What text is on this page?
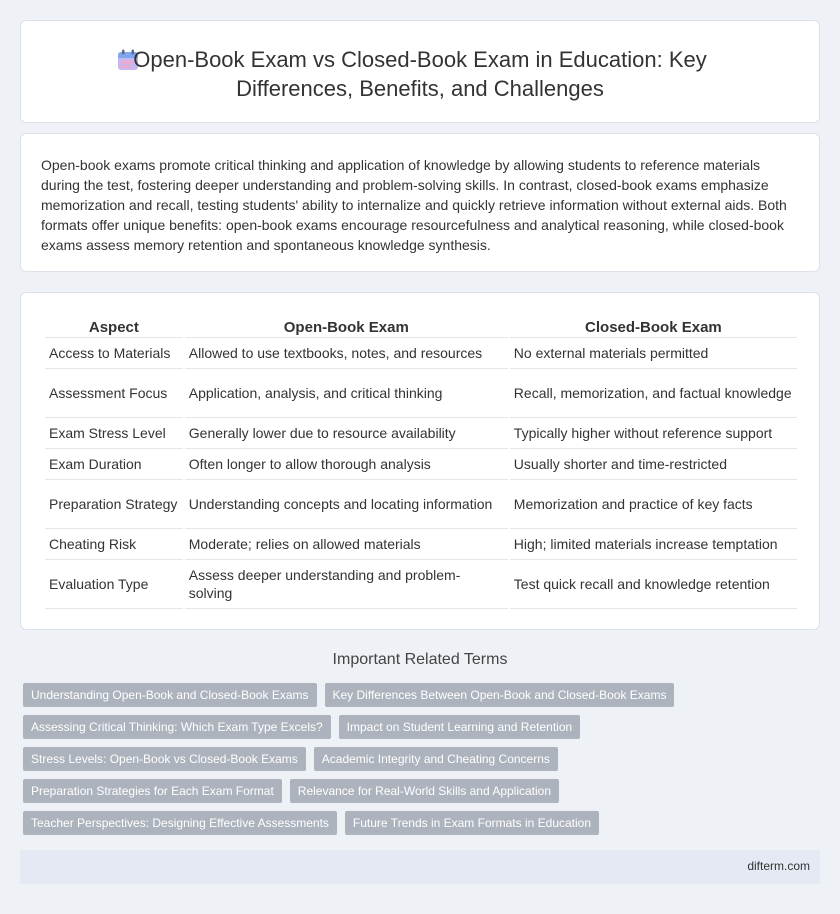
Open-Book Exam vs Closed-Book Exam in Education: Key Differences, Benefits, and Challenges

Open-book exams promote critical thinking and application of knowledge by allowing students to reference materials during the test, fostering deeper understanding and problem-solving skills. In contrast, closed-book exams emphasize memorization and recall, testing students' ability to internalize and quickly retrieve information without external aids. Both formats offer unique benefits: open-book exams encourage resourcefulness and analytical reasoning, while closed-book exams assess memory retention and spontaneous knowledge synthesis.

Aspect	Open-Book Exam	Closed-Book Exam
Access to Materials	Allowed to use textbooks, notes, and resources	No external materials permitted
Assessment Focus	Application, analysis, and critical thinking	Recall, memorization, and factual knowledge
Exam Stress Level	Generally lower due to resource availability	Typically higher without reference support
Exam Duration	Often longer to allow thorough analysis	Usually shorter and time-restricted
Preparation Strategy	Understanding concepts and locating information	Memorization and practice of key facts
Cheating Risk	Moderate; relies on allowed materials	High; limited materials increase temptation
Evaluation Type	Assess deeper understanding and problem-solving	Test quick recall and knowledge retention
Important Related Terms
Understanding Open-Book and Closed-Book Exams	Key Differences Between Open-Book and Closed-Book Exams
Assessing Critical Thinking: Which Exam Type Excels?	Impact on Student Learning and Retention
Stress Levels: Open-Book vs Closed-Book Exams	Academic Integrity and Cheating Concerns
Preparation Strategies for Each Exam Format	Relevance for Real-World Skills and Application
Teacher Perspectives: Designing Effective Assessments	Future Trends in Exam Formats in Education
difterm.com
